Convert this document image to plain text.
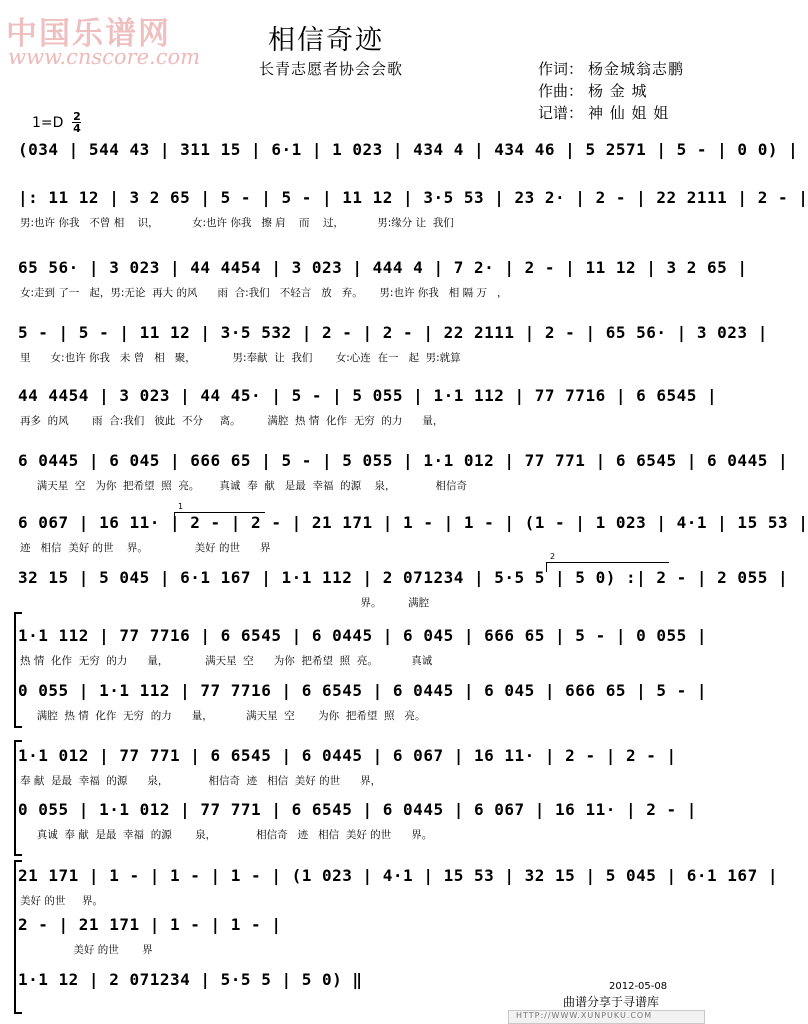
中国乐谱网
www.cnscore.com
相信奇迹
长青志愿者协会会歌	作词： 杨金城翁志鹏
作曲： 杨 金 城
记谱： 神 仙 姐 姐
1=D 2
4
(034 | 544 43 | 311 15 | 6·1 | 1 023 | 434 4 | 434 46 | 5 2571 | 5 - | 0 0) |
|: 11 12 | 3 2 65 | 5 - | 5 - | 11 12 | 3·5 53 | 23 2· | 2 - | 22 2111 | 2 - |
男:也许 你我   不曾 相    识，          女:也许 你我   擦 肩    而    过，          男:缘分 让  我们
65 56· | 3 023 | 44 4454 | 3 023 | 444 4 | 7 2· | 2 - | 11 12 | 3 2 65 |
女:走到 了一   起，男:无论  再大 的风      雨  合:我们   不轻言   放   弃。     男:也许 你我   相 隔 万   ，
5 - | 5 - | 11 12 | 3·5 532 | 2 - | 2 - | 22 2111 | 2 - | 65 56· | 3 023 |
里      女:也许 你我   未 曾   相   聚，           男:奉献  让  我们       女:心连  在一   起  男:就算
44 4454 | 3 023 | 44 45· | 5 - | 5 055 | 1·1 112 | 77 7716 | 6 6545 |
再多  的风       雨  合:我们   彼此  不分     离。        满腔  热 情  化作  无穷  的力      量，
6 0445 | 6 045 | 666 65 | 5 - | 5 055 | 1·1 012 | 77 771 | 6 6545 | 6 0445 |
满天星  空   为你  把希望  照  亮。      真诚  奉  献   是最  幸福  的源    泉，            相信奇
6 067 | 16 11· | 2 - | 2 - | 21 171 | 1 - | 1 - | (1 - | 1 023 | 4·1 | 15 53 |
迹   相信  美好 的世    界。              美好 的世      界
32 15 | 5 045 | 6·1 167 | 1·1 112 | 2 071234 | 5·5 5 | 5 0) :| 2 - | 2 055 |
界。        满腔
1·1 112 | 77 7716 | 6 6545 | 6 0445 | 6 045 | 666 65 | 5 - | 0 055 |
热 情  化作  无穷  的力      量，           满天星  空      为你  把希望  照  亮。          真诚
0 055 | 1·1 112 | 77 7716 | 6 6545 | 6 0445 | 6 045 | 666 65 | 5 - |
满腔  热 情  化作  无穷  的力      量，          满天星  空       为你  把希望  照   亮。
1·1 012 | 77 771 | 6 6545 | 6 0445 | 6 067 | 16 11· | 2 - | 2 - |
奉 献  是最  幸福  的源      泉，            相信奇  迹   相信  美好 的世      界，
0 055 | 1·1 012 | 77 771 | 6 6545 | 6 0445 | 6 067 | 16 11· | 2 - |
真诚  奉 献  是最  幸福  的源       泉，            相信奇   迹   相信  美好 的世      界。
21 171 | 1 - | 1 - | 1 - | (1 023 | 4·1 | 15 53 | 32 15 | 5 045 | 6·1 167 |
美好 的世     界。
2 - | 21 171 | 1 - | 1 - |
美好 的世       界
1·1 12 | 2 071234 | 5·5 5 | 5 0) ‖
1
2
2012-05-08
曲谱分享于寻谱库
HTTP://WWW.XUNPUKU.COM
